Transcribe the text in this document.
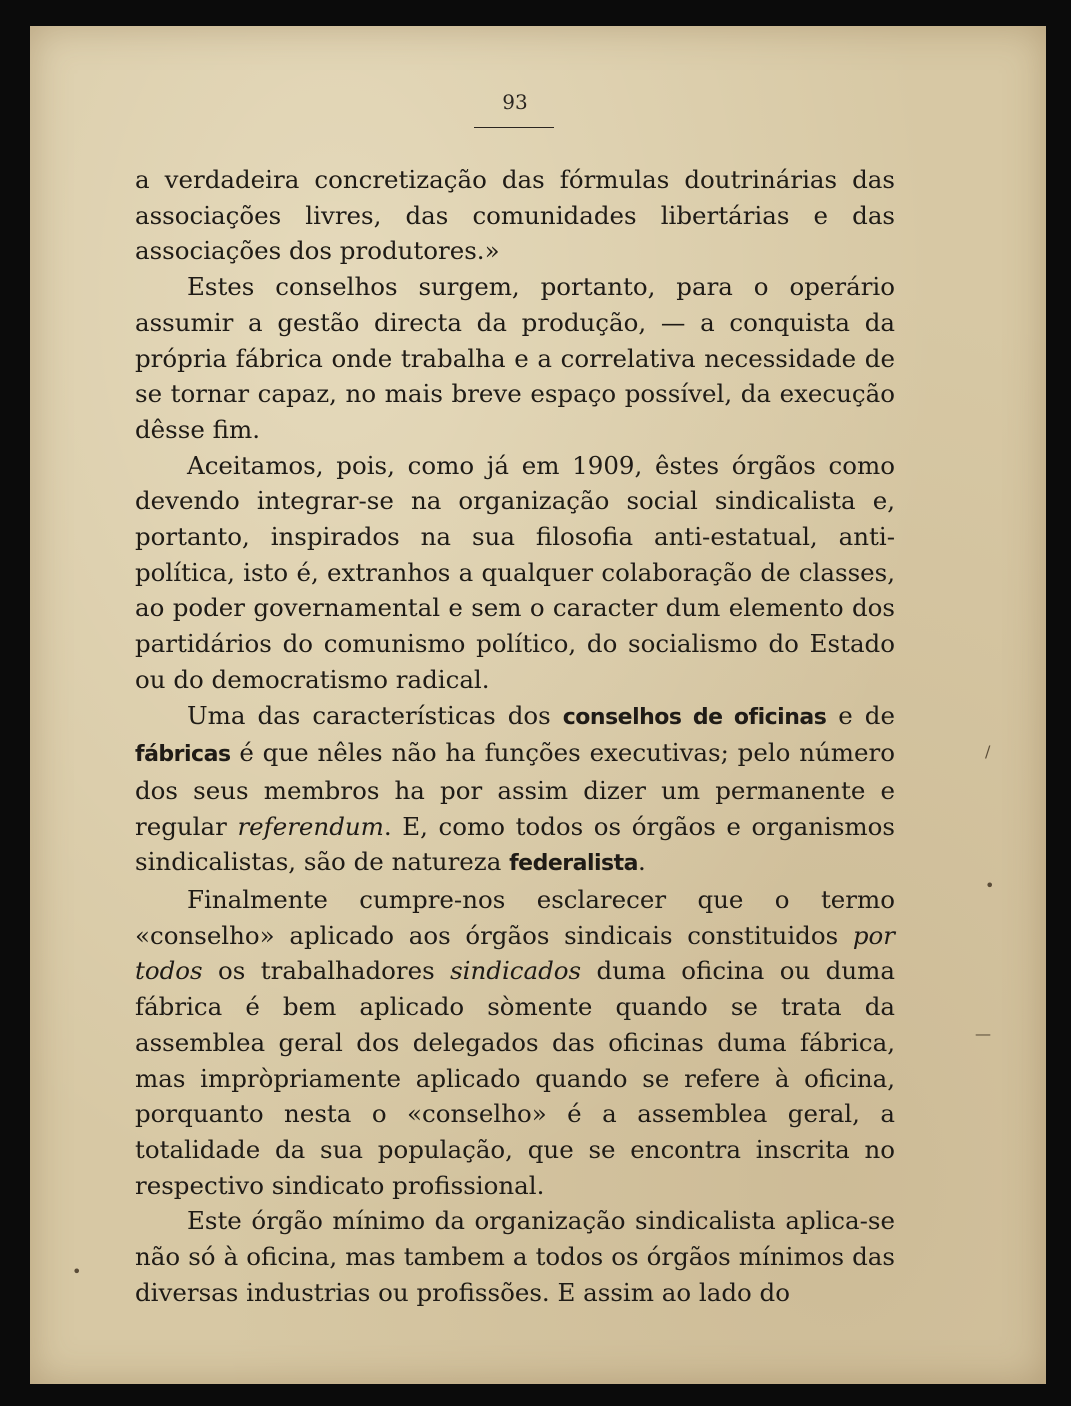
93

a verdadeira concretização das fórmulas doutrinárias das associações livres, das comunidades libertárias e das associações dos produtores.»

Estes conselhos surgem, portanto, para o operário assumir a gestão directa da produção, — a conquista da própria fábrica onde trabalha e a correlativa necessidade de se tornar capaz, no mais breve espaço possível, da execução dêsse fim.

Aceitamos, pois, como já em 1909, êstes órgãos como devendo integrar-se na organização social sindicalista e, portanto, inspirados na sua filosofia anti-estatual, anti-política, isto é, extranhos a qualquer colaboração de classes, ao poder governamental e sem o caracter dum elemento dos partidários do comunismo político, do socialismo do Estado ou do democratismo radical.

Uma das características dos conselhos de oficinas e de fábricas é que nêles não ha funções executivas; pelo número dos seus membros ha por assim dizer um permanente e regular referendum. E, como todos os órgãos e organismos sindicalistas, são de natureza federalista.

Finalmente cumpre-nos esclarecer que o termo «conselho» aplicado aos órgãos sindicais constituidos por todos os trabalhadores sindicados duma oficina ou duma fábrica é bem aplicado sòmente quando se trata da assemblea geral dos delegados das oficinas duma fábrica, mas impròpriamente aplicado quando se refere à oficina, porquanto nesta o «conselho» é a assemblea geral, a totalidade da sua população, que se encontra inscrita no respectivo sindicato profissional.

Este órgão mínimo da organização sindicalista aplica-se não só à oficina, mas tambem a todos os órgãos mínimos das diversas industrias ou profissões. E assim ao lado do

/
•
—
•
